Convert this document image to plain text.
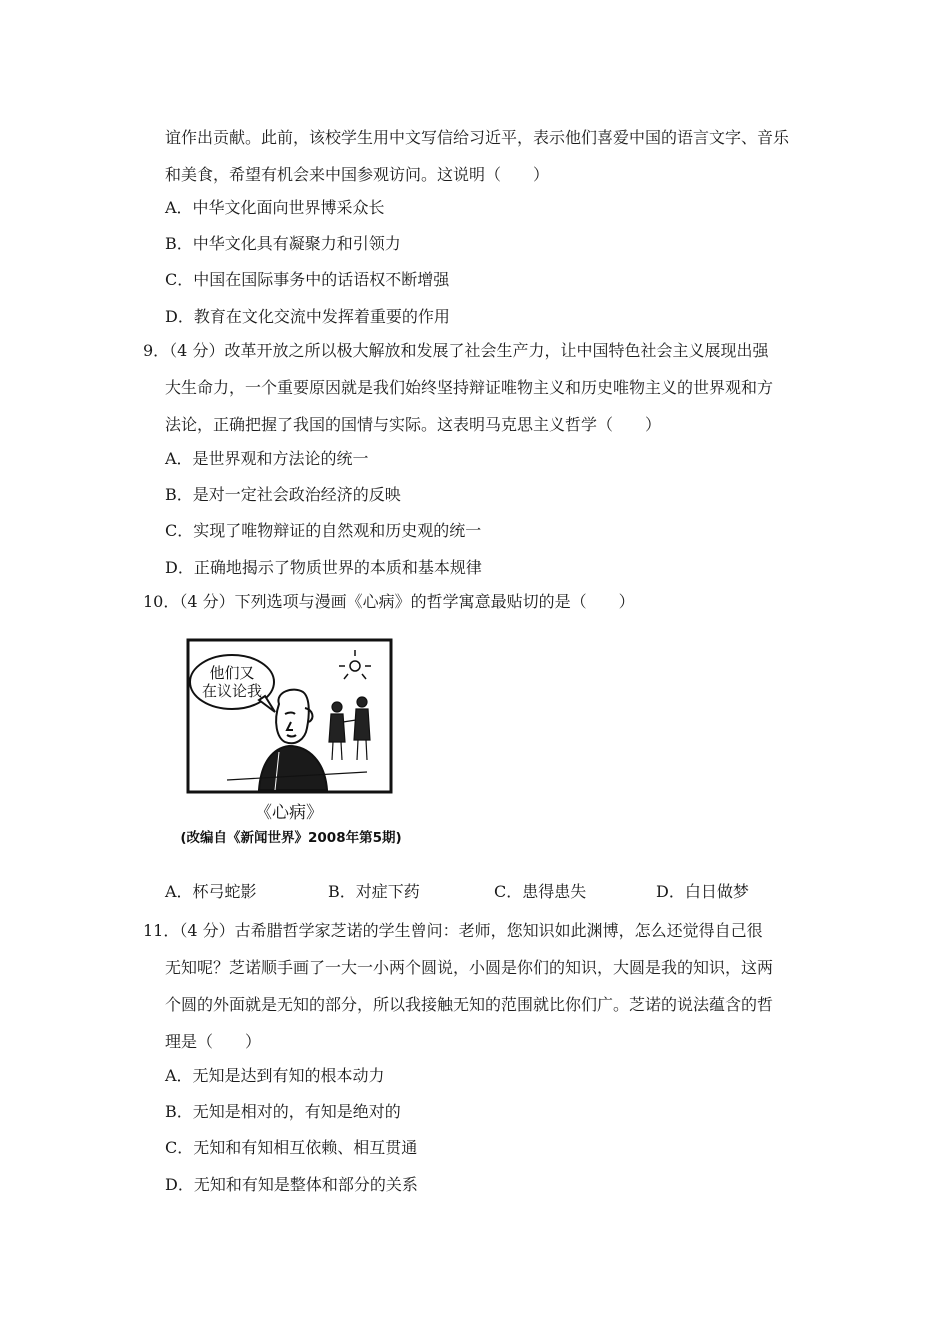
谊作出贡献。此前，该校学生用中文写信给习近平，表示他们喜爱中国的语言文字、音乐
和美食，希望有机会来中国参观访问。这说明（　　）
A．中华文化面向世界博采众长
B．中华文化具有凝聚力和引领力
C．中国在国际事务中的话语权不断增强
D．教育在文化交流中发挥着重要的作用
9．（4 分）改革开放之所以极大解放和发展了社会生产力，让中国特色社会主义展现出强
大生命力，一个重要原因就是我们始终坚持辩证唯物主义和历史唯物主义的世界观和方
法论，正确把握了我国的国情与实际。这表明马克思主义哲学（　　）
A．是世界观和方法论的统一
B．是对一定社会政治经济的反映
C．实现了唯物辩证的自然观和历史观的统一
D．正确地揭示了物质世界的本质和基本规律
10．（4 分）下列选项与漫画《心病》的哲学寓意最贴切的是（　　）
他们又
在议论我
《心病》
(改编自《新闻世界》2008年第5期)
A．杯弓蛇影	B．对症下药	C．患得患失	D．白日做梦
11．（4 分）古希腊哲学家芝诺的学生曾问：老师，您知识如此渊博，怎么还觉得自己很
无知呢？芝诺顺手画了一大一小两个圆说，小圆是你们的知识，大圆是我的知识，这两
个圆的外面就是无知的部分，所以我接触无知的范围就比你们广。芝诺的说法蕴含的哲
理是（　　）
A．无知是达到有知的根本动力
B．无知是相对的，有知是绝对的
C．无知和有知相互依赖、相互贯通
D．无知和有知是整体和部分的关系
